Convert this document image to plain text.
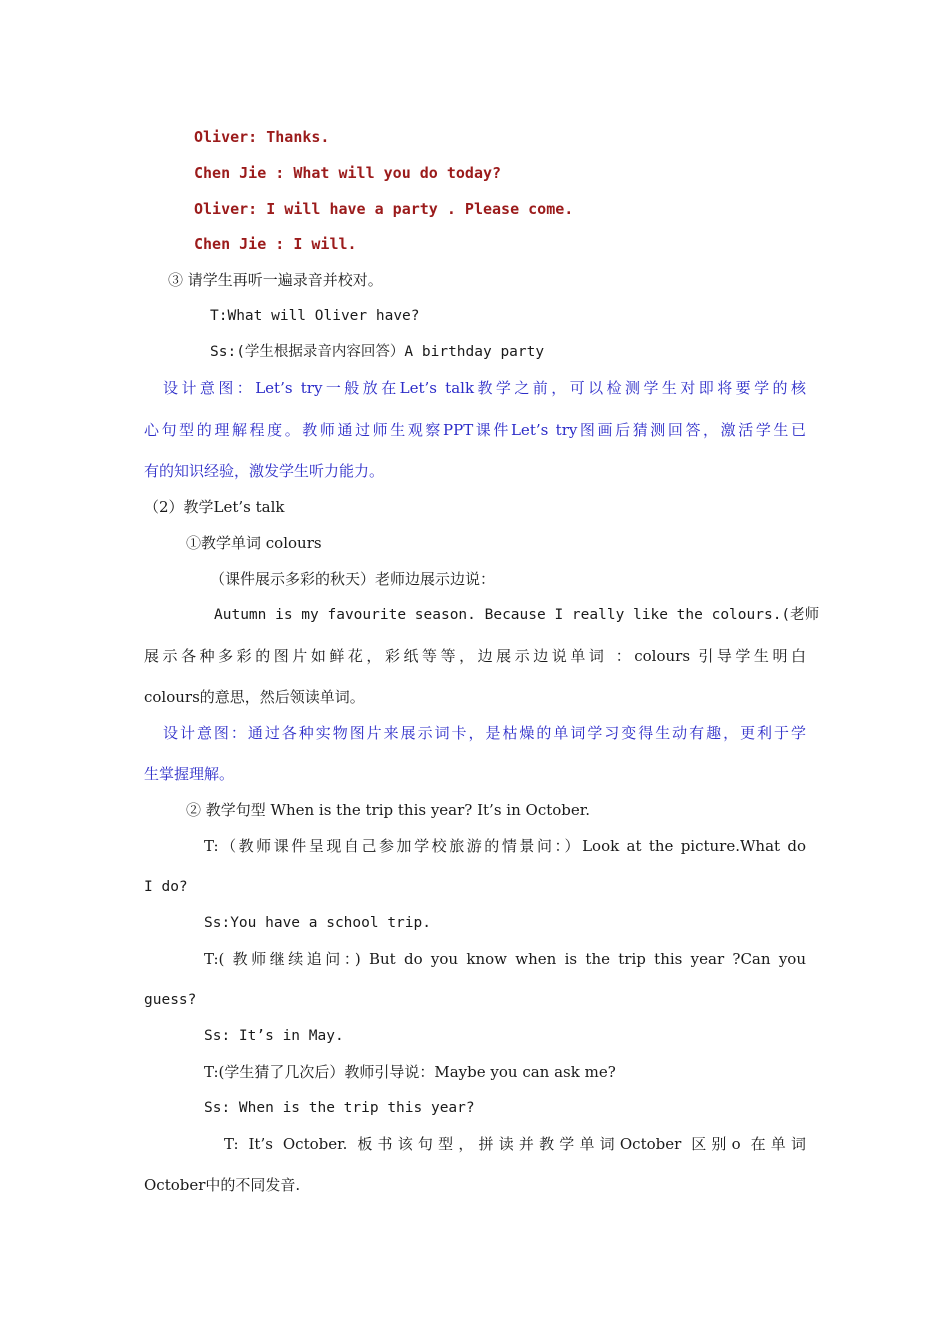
Oliver: Thanks.
Chen Jie : What will you do today?
Oliver: I will have a party . Please come.
Chen Jie : I will.
③ 请学生再听一遍录音并校对。
T:What will Oliver have?
Ss:(学生根据录音内容回答）A birthday party
设计意图：Let’s try一般放在Let’s talk教学之前，可以检测学生对即将要学的核
心句型的理解程度。教师通过师生观察PPT课件Let’s try图画后猜测回答，激活学生已
有的知识经验，激发学生听力能力。
（2）教学Let’s talk
①教学单词 colours
（课件展示多彩的秋天）老师边展示边说：
Autumn is my favourite season. Because I really like the colours.(老师
展示各种多彩的图片如鲜花，彩纸等等，边展示边说单词 ：colours 引导学生明白
colours的意思，然后领读单词。
设计意图：通过各种实物图片来展示词卡，是枯燥的单词学习变得生动有趣，更利于学
生掌握理解。
② 教学句型 When is the trip this year? It’s in October.
T:（教师课件呈现自己参加学校旅游的情景问：）Look at the picture.What do
I do?
Ss:You have a school trip.
T:( 教师继续追问：) But do you know when is the trip this year ?Can you
guess?
Ss: It’s in May.
T:(学生猜了几次后）教师引导说：Maybe you can ask me?
Ss: When is the trip this year?
T: It’s October. 板书该句型，拼读并教学单词October 区别o 在单词
October中的不同发音.
